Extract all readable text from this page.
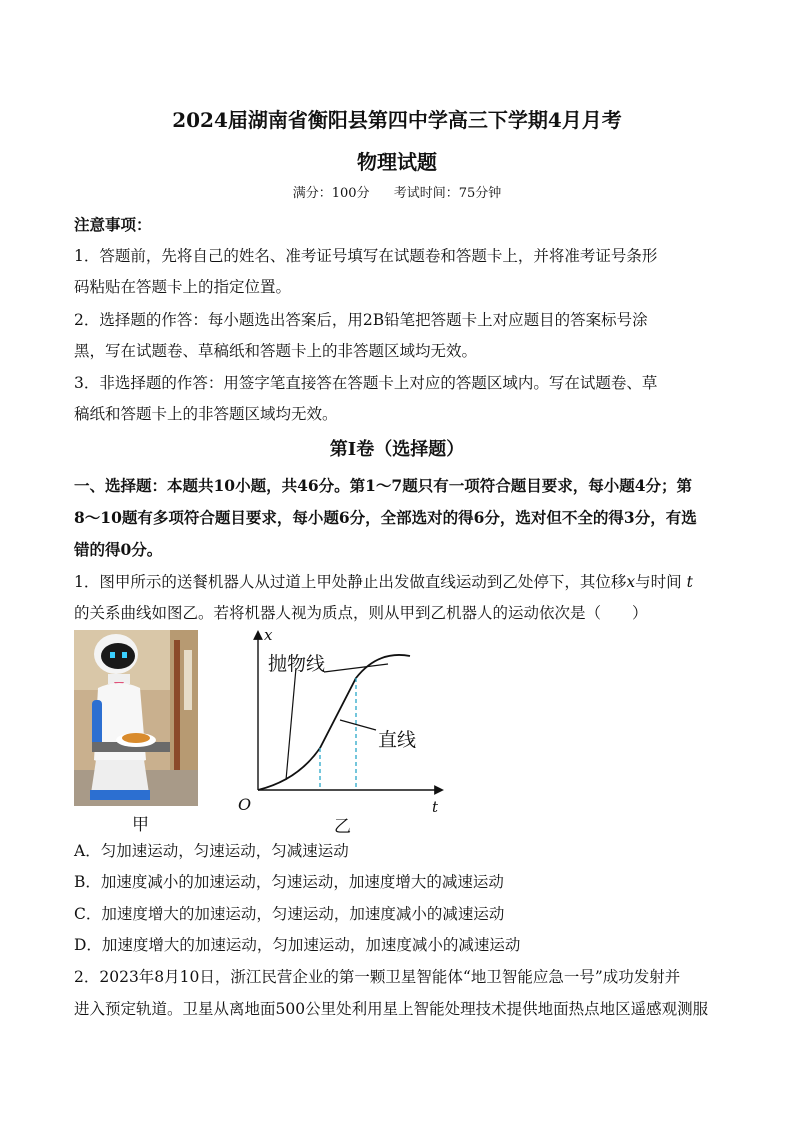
2024届湖南省衡阳县第四中学高三下学期4月月考
物理试题
满分：100分 考试时间：75分钟
注意事项：
1．答题前，先将自己的姓名、准考证号填写在试题卷和答题卡上，并将准考证号条形
码粘贴在答题卡上的指定位置。
2．选择题的作答：每小题选出答案后，用2B铅笔把答题卡上对应题目的答案标号涂
黑，写在试题卷、草稿纸和答题卡上的非答题区域均无效。
3．非选择题的作答：用签字笔直接答在答题卡上对应的答题区域内。写在试题卷、草
稿纸和答题卡上的非答题区域均无效。
第Ⅰ卷（选择题）
一、选择题：本题共10小题，共46分。第1～7题只有一项符合题目要求，每小题4分；第
8～10题有多项符合题目要求，每小题6分，全部选对的得6分，选对但不全的得3分，有选
错的得0分。
1．图甲所示的送餐机器人从过道上甲处静止出发做直线运动到乙处停下，其位移x与时间 t
的关系曲线如图乙。若将机器人视为质点，则从甲到乙机器人的运动依次是（　　）
甲
x
t
O
抛物线
直线
乙
A．匀加速运动，匀速运动，匀减速运动
B．加速度减小的加速运动，匀速运动，加速度增大的减速运动
C．加速度增大的加速运动，匀速运动，加速度减小的减速运动
D．加速度增大的加速运动，匀加速运动，加速度减小的减速运动
2．2023年8月10日，浙江民营企业的第一颗卫星智能体“地卫智能应急一号”成功发射并
进入预定轨道。卫星从离地面500公里处利用星上智能处理技术提供地面热点地区遥感观测服
